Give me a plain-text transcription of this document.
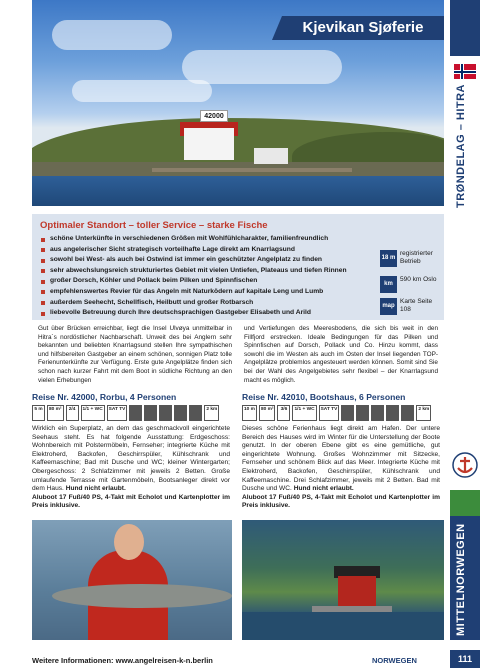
TRØNDELAG – HITRA
MITTELNORWEGEN
42000
Kjevikan Sjøferie
Optimaler Standort – toller Service – starke Fische
schöne Unterkünfte in verschiedenen Größen mit Wohlfühlcharakter, familienfreundlich
aus angelerischer Sicht strategisch vorteilhafte Lage direkt am Knarrlagsund
sowohl bei West- als auch bei Ostwind ist immer ein geschützter Angelplatz zu finden
sehr abwechslungsreich strukturiertes Gebiet mit vielen Untiefen, Plateaus und tiefen Rinnen
großer Dorsch, Köhler und Pollack beim Pilken und Spinnfischen
empfehlenswertes Revier für das Angeln mit Naturködern auf kapitale Leng und Lumb
außerdem Seehecht, Schellfisch, Heilbutt und großer Rotbarsch
liebevolle Betreuung durch Ihre deutschsprachigen Gastgeber Elisabeth und Arild
18 m
registrierter Betrieb
km
590 km Oslo
map
Karte Seite 108

Gut über Brücken erreichbar, liegt die Insel Ulvøya unmittelbar in Hitra´s nordöstlicher Nachbarschaft. Unweit des bei Anglern sehr bekannten und beliebten Knarrlagsund stellen Ihre sympathischen und hilfsbereiten Gastgeber an einem schönen, sonnigen Platz tolle Ferienunterkünfte zur Verfügung. Erste gute Angelplätze finden sich schon nach kurzer Fahrt mit dem Boot in südliche Richtung an den vielen Erhebungen

und Vertiefungen des Meeresbodens, die sich bis weit in den Fillfjord erstrecken. Ideale Bedingungen für das Pilken und Spinnfischen auf Dorsch, Pollack und Co. Hinzu kommt, dass sowohl die im Westen als auch im Osten der Insel liegenden TOP-Angelplätze problemlos angesteuert werden können. Somit sind Sie bei der Wahl des Angelgebietes sehr flexibel – der Knarrlagsund macht es möglich.

Reise Nr. 42000, Rorbu, 4 Personen
5 m	80 m²	2/4	1/1 + WC	SAT TV	2 km

Wirklich ein Superplatz, an dem das geschmackvoll eingerichtete Seehaus steht. Es hat folgende Ausstattung: Erdgeschoss: Wohnbereich mit Polstermöbeln, Fernseher; integrierte Küche mit Elektroherd, Backofen, Geschirrspüler, Kühlschrank und Kaffeemaschine; Bad mit Dusche und WC; kleiner Wintergarten; Obergeschoss: 2 Schlafzimmer mit jeweils 2 Betten. Große umlaufende Terrasse mit Gartenmöbeln, Bootsanleger direkt vor dem Haus. Hund nicht erlaubt.

Aluboot 17 Fuß/40 PS, 4-Takt mit Echolot und Kartenplotter im Preis inklusive.

Reise Nr. 42010, Bootshaus, 6 Personen
10 m	80 m²	3/6	1/1 + WC	SAT TV	2 km

Dieses schöne Ferienhaus liegt direkt am Hafen. Der untere Bereich des Hauses wird im Winter für die Unterstellung der Boote genutzt. In der oberen Ebene gibt es eine gemütliche, gut eingerichtete Wohnung. Großes Wohnzimmer mit Sitzecke, Fernseher und schönem Blick auf das Meer. Integrierte Küche mit Elektroherd, Backofen, Geschirrspüler, Kühlschrank und Kaffeemaschine. Drei Schlafzimmer, jeweils mit 2 Betten. Bad mit Dusche und WC. Hund nicht erlaubt.

Aluboot 17 Fuß/40 PS, 4-Takt mit Echolot und Kartenplotter im Preis inklusive.

Weitere Informationen: www.angelreisen-k-n.berlin	NORWEGEN	111
